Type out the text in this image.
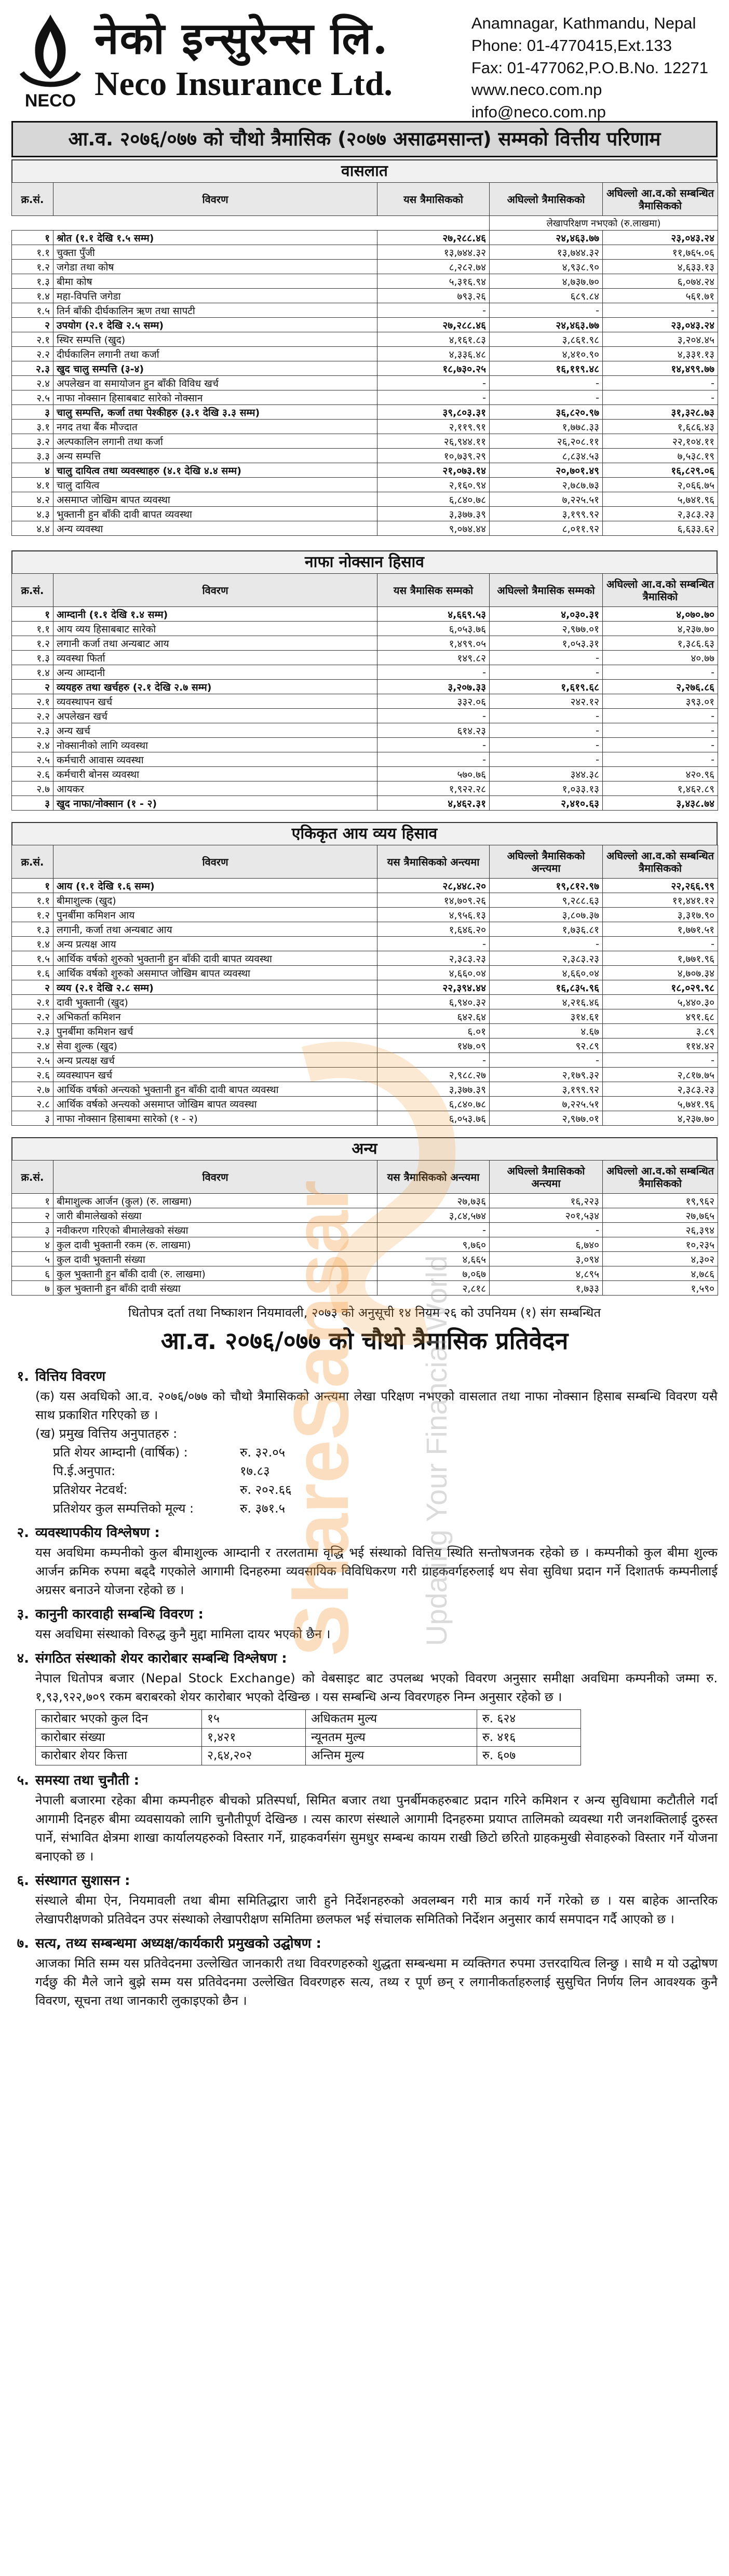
NECO
नेको इन्सुरेन्स लि.
Neco Insurance Ltd.
Anamnagar, Kathmandu, Nepal
Phone: 01-4770415,Ext.133
Fax: 01-477062,P.O.B.No. 12271
www.neco.com.np
info@neco.com.np
आ.व. २०७६/०७७ को चौथो त्रैमासिक (२०७७ असाढमसान्त) सम्मको वित्तीय परिणाम
वासलात
			लेखापरिक्षण नभएको (रु.लाखमा)	
क्र.सं.	विवरण	यस त्रैमासिकको	अघिल्लो त्रैमासिकको	अघिल्लो आ.व.को सम्बन्धित त्रैमासिकको
१	श्रोत (१.१ देखि १.५ सम्म)	२७,२८८.४६	२४,४६३.७७	२३,०४३.२४
१.१	चुक्ता पुँजी	१३,७४४.३२	१३,७४४.३२	११,७६५.०६
१.२	जगेडा तथा कोष	८,२८२.७४	४,९३८.९०	४,६३३.१३
१.३	बीमा कोष	५,३१६.९४	४,७३७.७०	६,०७४.२४
१.४	महा-विपत्ति जगेडा	७९३.२६	६८९.८४	५६१.७१
१.५	तिर्न बाँकी दीर्घकालिन ऋण तथा सापटी	-	-	-
२	उपयोग (२.१ देखि २.५ सम्म)	२७,२८८.४६	२४,४६३.७७	२३,०४३.२४
२.१	स्थिर सम्पत्ति (खुद)	४,१६१.८३	३,८६१.९८	३,२०४.४५
२.२	दीर्घकालिन लगानी तथा कर्जा	४,३३६.४८	४,४१०.९०	४,३३१.१३
२.३	खुद चालु सम्पत्ति (३-४)	१८,७३०.२५	१६,११९.४८	१४,४९९.७७
२.४	अपलेखन वा समायोजन हुन बाँकी विविध खर्च	-	-	-
२.५	नाफा नोक्सान हिसाबबाट सारेको नोक्सान	-	-	-
३	चालु सम्पत्ति, कर्जा तथा पेश्कीहरु (३.१ देखि ३.३ सम्म)	३९,८०३.३१	३६,८२०.९७	३१,३२८.७३
३.१	नगद तथा बैंक मौज्दात	२,११९.९१	१,७७८.३३	१,६८६.४३
३.२	अल्पकालिन लगानी तथा कर्जा	२६,९४४.११	२६,२०८.११	२२,१०४.११
३.३	अन्य सम्पत्ति	१०,७३९.२९	८,८३४.५३	७,५३८.१९
४	चालु दायित्व तथा व्यवस्थाहरु (४.१ देखि ४.४ सम्म)	२१,०७३.१४	२०,७०१.४९	१६,८२९.०६
४.१	चालु दायित्व	२,१६०.९४	२,७८७.७३	२,०६६.७५
४.२	असमाप्त जोखिम बापत व्यवस्था	६,८४०.७८	७,२२५.५१	५,७४१.९६
४.३	भुक्तानी हुन बाँकी दावी बापत व्यवस्था	३,३७७.३९	३,१९९.९२	२,३८३.२३
४.४	अन्य व्यवस्था	९,०७४.४४	८,०११.९२	६,६३३.६२
नाफा नोक्सान हिसाव
क्र.सं.	विवरण	यस त्रैमासिक सम्मको	अघिल्लो त्रैमासिक सम्मको	अघिल्लो आ.व.को सम्बन्धित त्रैमासिको
१	आम्दानी (१.१ देखि १.४ सम्म)	४,६६९.५३	४,०३०.३१	४,०७०.७०
१.१	आय व्यय हिसाबबाट सारेको	६,०५३.७६	२,९७७.०१	४,२३७.७०
१.२	लगानी कर्जा तथा अन्यबाट आय	१,४९९.०५	१,०५३.३१	१,३८६.६३
१.३	व्यवस्था फिर्ता	१४९.८२	-	४०.७७
१.४	अन्य आम्दानी	-	-	-
२	व्ययहरु तथा खर्चहरु (२.१ देखि २.७ सम्म)	३,२०७.३३	१,६१९.६८	२,२७६.८६
२.१	व्यवस्थापन खर्च	३३२.०६	२४२.१२	३९३.०१
२.२	अपलेखन खर्च	-	-	-
२.३	अन्य खर्च	६१४.२३	-	-
२.४	नोक्सानीको लागि व्यवस्था	-	-	-
२.५	कर्मचारी आवास व्यवस्था	-	-	-
२.६	कर्मचारी बोनस व्यवस्था	५७०.७६	३४४.३८	४२०.९६
२.७	आयकर	१,९२२.२८	१,०३३.१३	१,४६२.८९
३	खुद नाफा/नोक्सान (१ - २)	४,४६२.३१	२,४१०.६३	३,४३८.७४
एकिकृत आय व्यय हिसाव
क्र.सं.	विवरण	यस त्रैमासिकको अन्त्यमा	अघिल्लो त्रैमासिकको अन्त्यमा	अघिल्लो आ.व.को सम्बन्धित त्रैमासिकको
१	आय (१.१ देखि १.६ सम्म)	२८,४४८.२०	१९,८१२.९७	२२,२६६.९९
१.१	बीमाशुल्क (खुद)	१४,७०९.२६	९,२८८.६३	११,४४१.१२
१.२	पुनर्बीमा कमिशन आय	४,९५६.१३	३,८०७.३७	३,३१७.९०
१.३	लगानी, कर्जा तथा अन्यबाट आय	१,६४६.२०	१,७३६.८१	१,७७१.५१
१.४	अन्य प्रत्यक्ष आय	-	-	-
१.५	आर्थिक वर्षको शुरुको भुक्तानी हुन बाँकी दावी बापत व्यवस्था	२,३८३.२३	२,३८३.२३	१,७७१.९६
१.६	आर्थिक वर्षको शुरुको असमाप्त जोखिम बापत व्यवस्था	४,६६०.०४	४,६६०.०४	४,७०७.३४
२	व्यय (२.१ देखि २.८ सम्म)	२२,३९४.४४	१६,८३५.९६	१८,०२९.९८
२.१	दावी भुक्तानी (खुद)	६,९४०.३२	४,२१६.४६	५,४४०.३०
२.२	अभिकर्ता कमिशन	६४२.६४	३१४.६१	४९१.६८
२.३	पुनर्बीमा कमिशन खर्च	६.०१	४.६७	३.८९
२.४	सेवा शुल्क (खुद)	१४७.०९	९२.८९	११४.४२
२.५	अन्य प्रत्यक्ष खर्च	-	-	-
२.६	व्यवस्थापन खर्च	२,९८८.२७	२,१७९.३२	२,८१७.७५
२.७	आर्थिक वर्षको अन्त्यको भुक्तानी हुन बाँकी दावी बापत व्यवस्था	३,३७७.३९	३,१९९.९२	२,३८३.२३
२.८	आर्थिक वर्षको अन्त्यको असमाप्त जोखिम बापत व्यवस्था	६,८४०.७८	७,२२५.५१	५,७४१.९६
३	नाफा नोक्सान हिसाबमा सारेको (१ - २)	६,०५३.७६	२,९७७.०१	४,२३७.७०
अन्य
क्र.सं.	विवरण	यस त्रैमासिकको अन्त्यमा	अघिल्लो त्रैमासिकको अन्त्यमा	अघिल्लो आ.व.को सम्बन्धित त्रैमासिकको
१	बीमाशुल्क आर्जन (कुल) (रु. लाखमा)	२७,७३६	१६,२२३	१९,९६२
२	जारी बीमालेखको संख्या	३,८४,५७४	२०१,५३४	२७,७६५
३	नवीकरण गरिएको बीमालेखको संख्या	-	-	२६,३९४
४	कुल दावी भुक्तानी रकम (रु. लाखमा)	९,७६०	६,७४०	१०,२३५
५	कुल दावी भुक्तानी संख्या	४,६६५	३,०९४	४,३०२
६	कुल भुक्तानी हुन बाँकी दावी (रु. लाखमा)	७,०६७	४,८९५	४,७८६
७	कुल भुक्तानी हुन बाँकी दावी संख्या	२,८१८	१,७३३	१,५९०
धितोपत्र दर्ता तथा निष्काशन नियमावली, २०७३ को अनुसूची १४ नियम २६ को उपनियम (१) संग सम्बन्धित
आ.व. २०७६/०७७ को चौथो त्रैमासिक प्रतिवेदन
१. वित्तिय विवरण
(क) यस अवधिको आ.व. २०७६/०७७ को चौथो त्रैमासिकको अन्त्यमा लेखा परिक्षण नभएको वासलात तथा नाफा नोक्सान हिसाब सम्बन्धि विवरण यसै साथ प्रकाशित गरिएको छ ।
(ख) प्रमुख वित्तिय अनुपातहरु :
प्रति शेयर आम्दानी (वार्षिक) :	रु. ३२.०५
पि.ई.अनुपात:	१७.८३
प्रतिशेयर नेटवर्थ:	रु. २०२.६६
प्रतिशेयर कुल सम्पत्तिको मूल्य :	रु. ३७१.५
२. व्यवस्थापकीय विश्लेषण :
यस अवधिमा कम्पनीको कुल बीमाशुल्क आम्दानी र तरलतामा वृद्धि भई संस्थाको वित्तिय स्थिति सन्तोषजनक रहेको छ । कम्पनीको कुल बीमा शुल्क आर्जन क्रमिक रुपमा बढ्दै गएकोले आगामी दिनहरुमा व्यवसायिक विविधिकरण गरी ग्राहकवर्गहरुलाई थप सेवा सुविधा प्रदान गर्ने दिशातर्फ कम्पनीलाई अग्रसर बनाउने योजना रहेको छ ।
३. कानुनी कारवाही सम्बन्धि विवरण :
यस अवधिमा संस्थाको विरुद्ध कुनै मुद्दा मामिला दायर भएको छैन ।
४. संगठित संस्थाको शेयर कारोबार सम्बन्धि विश्लेषण :
नेपाल धितोपत्र बजार (Nepal Stock Exchange) को वेबसाइट बाट उपलब्ध भएको विवरण अनुसार समीक्षा अवधिमा कम्पनीको जम्मा रु. १,९३,९२२,७०९ रकम बराबरको शेयर कारोबार भएको देखिन्छ । यस सम्बन्धि अन्य विवरणहरु निम्न अनुसार रहेको छ ।
कारोबार भएको कुल दिन	१५	अधिकतम मुल्य	रु. ६२४
कारोबार संख्या	१,४२१	न्यूनतम मुल्य	रु. ४१६
कारोबार शेयर कित्ता	२,६४,२०२	अन्तिम मुल्य	रु. ६०७
५. समस्या तथा चुनौती :
नेपाली बजारमा रहेका बीमा कम्पनीहरु बीचको प्रतिस्पर्धा, सिमित बजार तथा पुनर्बीमकहरुबाट प्रदान गरिने कमिशन र अन्य सुविधामा कटौतीले गर्दा आगामी दिनहरु बीमा व्यवसायको लागि चुनौतीपूर्ण देखिन्छ । त्यस कारण संस्थाले आगामी दिनहरुमा प्रयाप्त तालिमको व्यवस्था गरी जनशक्तिलाई दुरुस्त पार्ने, संभावित क्षेत्रमा शाखा कार्यालयहरुको विस्तार गर्ने, ग्राहकवर्गसंग सुमधुर सम्बन्ध कायम राखी छिटो छरितो ग्राहकमुखी सेवाहरुको विस्तार गर्ने योजना बनाएको छ ।
६. संस्थागत सुशासन :
संस्थाले बीमा ऐन, नियमावली तथा बीमा समितिद्धारा जारी हुने निर्देशनहरुको अवलम्बन गरी मात्र कार्य गर्ने गरेको छ । यस बाहेक आन्तरिक लेखापरीक्षणको प्रतिवेदन उपर संस्थाको लेखापरीक्षण समितिमा छलफल भई संचालक समितिको निर्देशन अनुसार कार्य समपादन गर्दै आएको छ ।
७. सत्य, तथ्य सम्बन्धमा अध्यक्ष/कार्यकारी प्रमुखको उद्घोषण :
आजका मिति सम्म यस प्रतिवेदनमा उल्लेखित जानकारी तथा विवरणहरुको शुद्धता सम्बन्धमा म व्यक्तिगत रुपमा उत्तरदायित्व लिन्छु । साथै म यो उद्घोषण गर्दछु की मैले जाने बुझे सम्म यस प्रतिवेदनमा उल्लेखित विवरणहरु सत्य, तथ्य र पूर्ण छन् र लगानीकर्ताहरुलाई सुसुचित निर्णय लिन आवश्यक कुनै विवरण, सूचना तथा जानकारी लुकाइएको छैन ।
ShareSansar Updating Your Financial World
